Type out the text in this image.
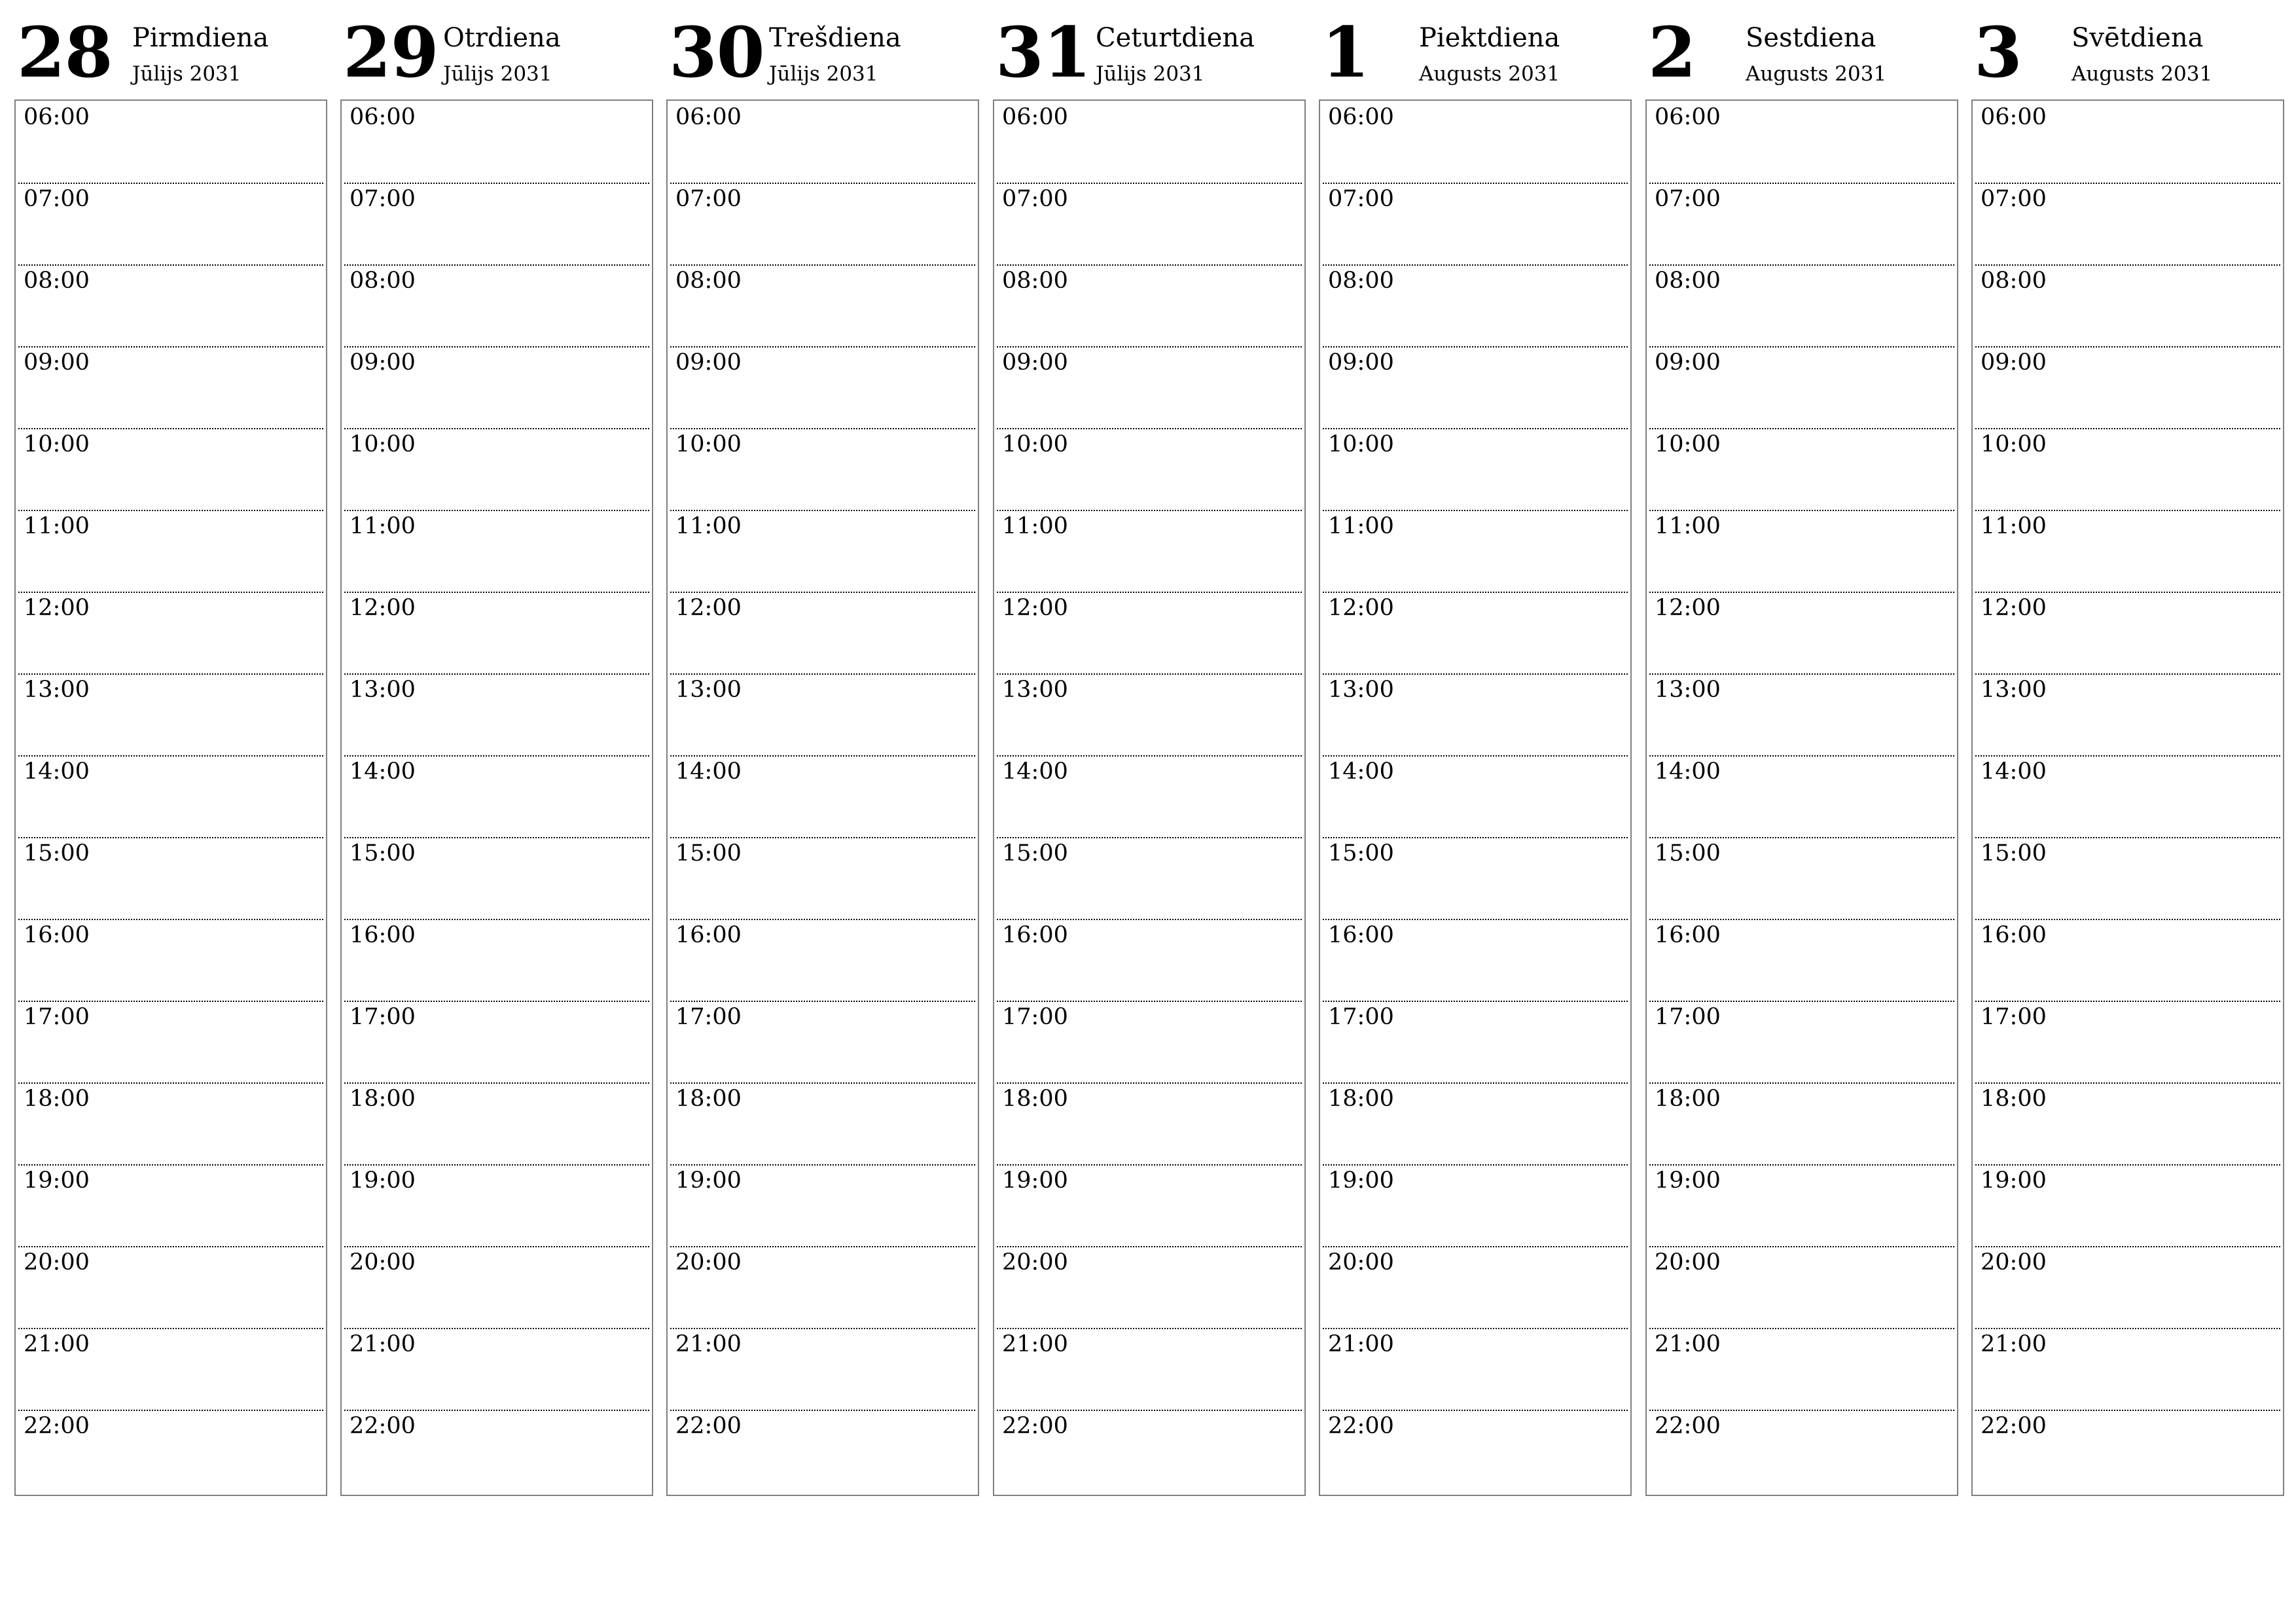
28 Pirmdiena
Jūlijs 2031
06:00
07:00
08:00
09:00
10:00
11:00
12:00
13:00
14:00
15:00
16:00
17:00
18:00
19:00
20:00
21:00
22:00
29 Otrdiena
Jūlijs 2031
06:00
07:00
08:00
09:00
10:00
11:00
12:00
13:00
14:00
15:00
16:00
17:00
18:00
19:00
20:00
21:00
22:00
30 Trešdiena
Jūlijs 2031
06:00
07:00
08:00
09:00
10:00
11:00
12:00
13:00
14:00
15:00
16:00
17:00
18:00
19:00
20:00
21:00
22:00
31 Ceturtdiena
Jūlijs 2031
06:00
07:00
08:00
09:00
10:00
11:00
12:00
13:00
14:00
15:00
16:00
17:00
18:00
19:00
20:00
21:00
22:00
1 Piektdiena
Augusts 2031
06:00
07:00
08:00
09:00
10:00
11:00
12:00
13:00
14:00
15:00
16:00
17:00
18:00
19:00
20:00
21:00
22:00
2 Sestdiena
Augusts 2031
06:00
07:00
08:00
09:00
10:00
11:00
12:00
13:00
14:00
15:00
16:00
17:00
18:00
19:00
20:00
21:00
22:00
3 Svētdiena
Augusts 2031
06:00
07:00
08:00
09:00
10:00
11:00
12:00
13:00
14:00
15:00
16:00
17:00
18:00
19:00
20:00
21:00
22:00
